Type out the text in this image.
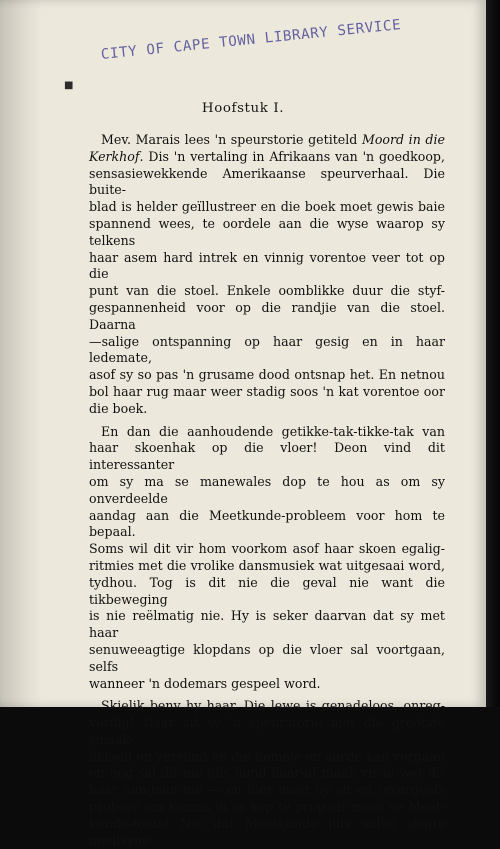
CITY OF CAPE TOWN LIBRARY SERVICE
■
Hoofstuk I.
Mev. Marais lees 'n speurstorie getiteld Moord in die
Kerkhof. Dis 'n vertaling in Afrikaans van 'n goedkoop,
sensasiewekkende Amerikaanse speurverhaal. Die buite-
blad is helder geïllustreer en die boek moet gewis baie
spannend wees, te oordele aan die wyse waarop sy telkens
haar asem hard intrek en vinnig vorentoe veer tot op die
punt van die stoel. Enkele oomblikke duur die styf-
gespannenheid voor op die randjie van die stoel. Daarna
—salige ontspanning op haar gesig en in haar ledemate,
asof sy so pas 'n grusame dood ontsnap het. En netnou
bol haar rug maar weer stadig soos 'n kat vorentoe oor
die boek.
En dan die aanhoudende getikke-tak-tikke-tak van
haar skoenhak op die vloer! Deon vind dit interessanter
om sy ma se manewales dop te hou as om sy onverdeelde
aandag aan die Meetkunde-probleem voor hom te bepaal.
Soms wil dit vir hom voorkom asof haar skoen egalig-
ritmies met die vrolike dansmusiek wat uitgesaai word,
tydhou. Tog is dit nie die geval nie want die tikbeweging
is nie reëlmatig nie. Hy is seker daarvan dat sy met haar
senuweeagtige klopdans op die vloer sal voortgaan, selfs
wanneer 'n dodemars gespeel word.
Skielik beny hy haar. Die lewe is genadeloos, onreg-
verdig! Daar sit sy 'n speurstorie met die grootste smaak-
likheid en verslind en die hemele en aarde kan vergaan
en nog sal dit nie juis hond haar-af maak vir al wat dit
haar aangaan nie — en hier moet hy sit en tevergeefs
probeer om kennis in sy kop te prop vir more se Meet-
kunde-toets! Nie dat Meetkunde juis sulke slegte medisyne
